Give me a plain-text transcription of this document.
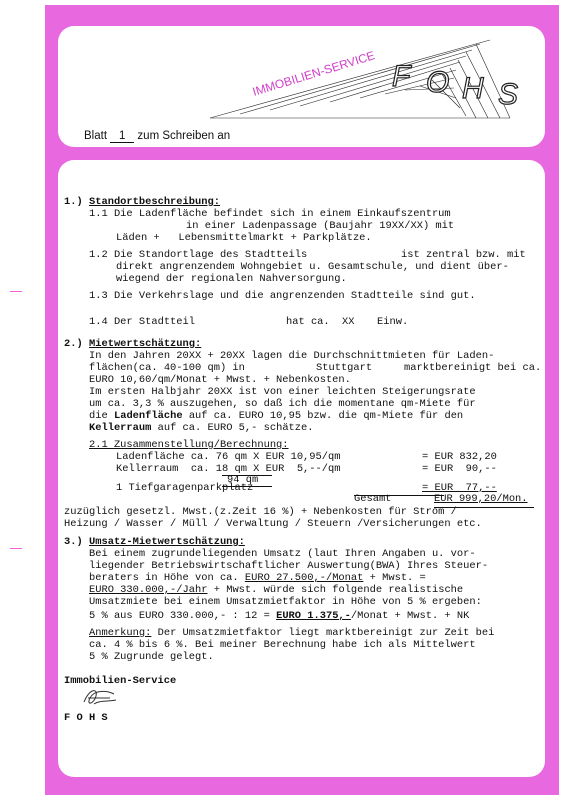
IMMOBILIEN-SERVICE F O H S
Blatt 1 zum Schreiben an
1.) Standortbeschreibung:
1.1 Die Ladenfläche befindet sich in einem Einkaufszentrum
in einer Ladenpassage (Baujahr 19XX/XX) mit
Läden +   Lebensmittelmarkt + Parkplätze.
1.2 Die Standortlage des Stadtteils	ist zentral bzw. mit
direkt angrenzendem Wohngebiet u. Gesamtschule, und dient über-
wiegend der regionalen Nahversorgung.
1.3 Die Verkehrslage und die angrenzenden Stadtteile sind gut.
1.4 Der Stadtteil	hat ca. XX Einw.
2.) Mietwertschätzung:
In den Jahren 20XX + 20XX lagen die Durchschnittmieten für Laden-
flächen(ca. 40-100 qm) in	Stuttgart	marktbereinigt bei ca.
EURO 10,60/qm/Monat + Mwst. + Nebenkosten.
Im ersten Halbjahr 20XX ist von einer leichten Steigerungsrate
um ca. 3,3 % auszugehen, so daß ich die momentane qm-Miete für
die Ladenfläche auf ca. EURO 10,95 bzw. die qm-Miete für den
Kellerraum auf ca. EURO 5,- schätze.
2.1 Zusammenstellung/Berechnung:
Ladenfläche ca. 76 qm X EUR 10,95/qm	= EUR 832,20
Kellerraum  ca. 18 qm X EUR  5,--/qm	= EUR  90,--
94 qm
1 Tiefgaragenparkplatz	= EUR  77,--
Gesamt	EUR 999,20/Mon.
zuzüglich gesetzl. Mwst.(z.Zeit 16 %) + Nebenkosten für Strom /
Heizung / Wasser / Müll / Verwaltung / Steuern /Versicherungen etc.
3.) Umsatz-Mietwertschätzung:
Bei einem zugrundeliegenden Umsatz (laut Ihren Angaben u. vor-
liegender Betriebswirtschaftlicher Auswertung(BWA) Ihres Steuer-
beraters in Höhe von ca. EURO 27.500,-/Monat + Mwst. =
EURO 330.000,-/Jahr + Mwst. würde sich folgende realistische
Umsatzmiete bei einem Umsatzmietfaktor in Höhe von 5 % ergeben:
5 % aus EURO 330.000,- : 12 = EURO 1.375,-/Monat + Mwst. + NK
Anmerkung: Der Umsatzmietfaktor liegt marktbereinigt zur Zeit bei
ca. 4 % bis 6 %. Bei meiner Berechnung habe ich als Mittelwert
5 % Zugrunde gelegt.
Immobilien-Service
F O H S
